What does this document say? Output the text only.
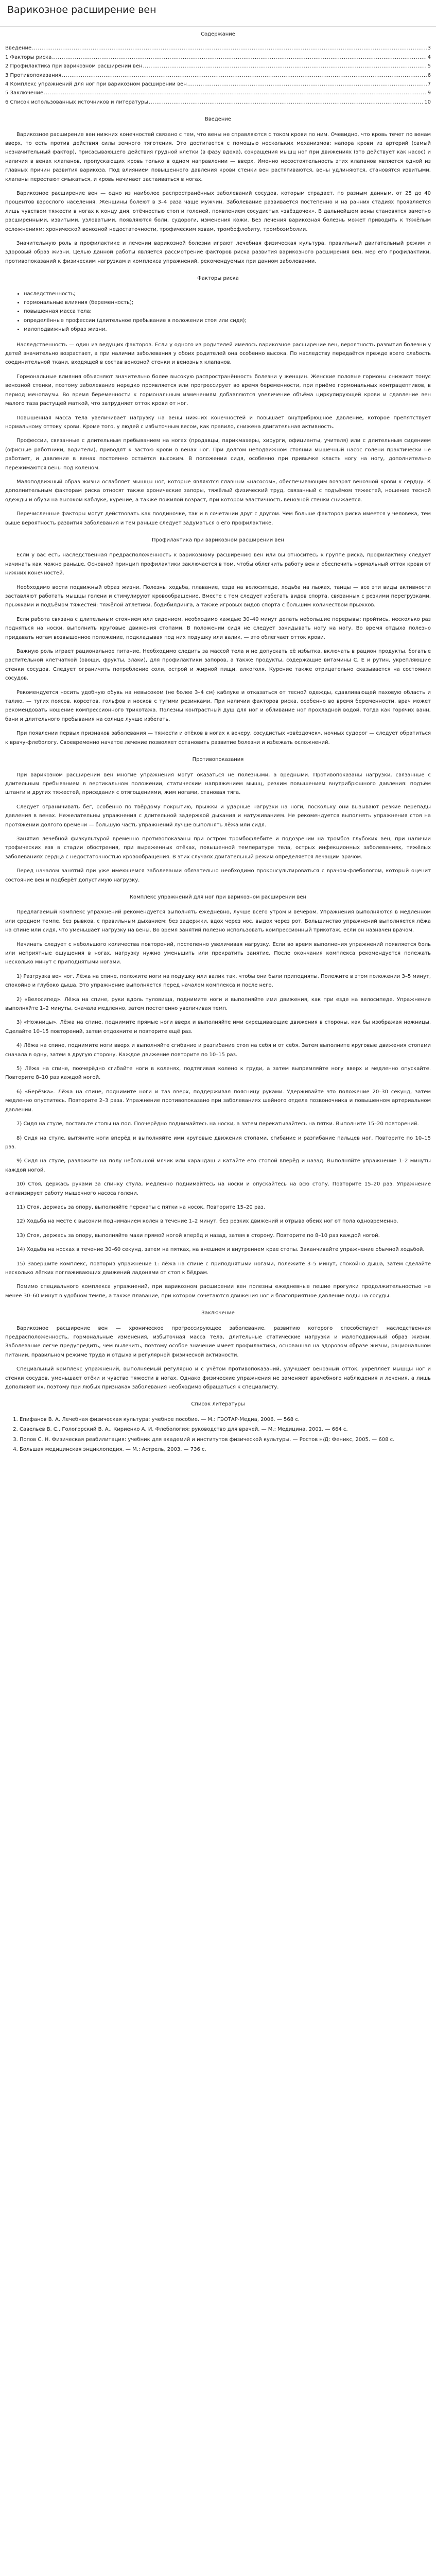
Варикозное расширение вен

Содержание

Введение .....	3
1 Факторы риска .....	4
2 Профилактика при варикозном расширении вен .....	5
3 Противопоказания .....	6
4 Комплекс упражнений для ног при варикозном расширении вен .....	7
5 Заключение .....	9
6 Список использованных источников и литературы .....	10
Введение

Варикозное расширение вен нижних конечностей связано с тем, что вены не справляются с током крови по ним. Очевидно, что кровь течет по венам вверх, то есть против действия силы земного тяготения. Это достигается с помощью нескольких механизмов: напора крови из артерий (самый незначительный фактор), присасывающего действия грудной клетки (в фазу вдоха), сокращения мышц ног при движениях (это действует как насос) и наличия в венах клапанов, пропускающих кровь только в одном направлении — вверх. Именно несостоятельность этих клапанов является одной из главных причин развития варикоза. Под влиянием повышенного давления крови стенки вен растягиваются, вены удлиняются, становятся извитыми, клапаны перестают смыкаться, и кровь начинает застаиваться в ногах.

Варикозное расширение вен — одно из наиболее распространённых заболеваний сосудов, которым страдает, по разным данным, от 25 до 40 процентов взрослого населения. Женщины болеют в 3–4 раза чаще мужчин. Заболевание развивается постепенно и на ранних стадиях проявляется лишь чувством тяжести в ногах к концу дня, отёчностью стоп и голеней, появлением сосудистых «звёздочек». В дальнейшем вены становятся заметно расширенными, извитыми, узловатыми, появляются боли, судороги, изменения кожи. Без лечения варикозная болезнь может приводить к тяжёлым осложнениям: хронической венозной недостаточности, трофическим язвам, тромбофлебиту, тромбоэмболии.

Значительную роль в профилактике и лечении варикозной болезни играют лечебная физическая культура, правильный двигательный режим и здоровый образ жизни. Целью данной работы является рассмотрение факторов риска развития варикозного расширения вен, мер его профилактики, противопоказаний к физическим нагрузкам и комплекса упражнений, рекомендуемых при данном заболевании.

Факторы риска
• наследственность;
• гормональные влияния (беременность);
• повышенная масса тела;
• определённые профессии (длительное пребывание в положении стоя или сидя);
• малоподвижный образ жизни.

Наследственность — один из ведущих факторов. Если у одного из родителей имелось варикозное расширение вен, вероятность развития болезни у детей значительно возрастает, а при наличии заболевания у обоих родителей она особенно высока. По наследству передаётся прежде всего слабость соединительной ткани, входящей в состав венозной стенки и венозных клапанов.

Гормональные влияния объясняют значительно более высокую распространённость болезни у женщин. Женские половые гормоны снижают тонус венозной стенки, поэтому заболевание нередко проявляется или прогрессирует во время беременности, при приёме гормональных контрацептивов, в период менопаузы. Во время беременности к гормональным изменениям добавляются увеличение объёма циркулирующей крови и сдавление вен малого таза растущей маткой, что затрудняет отток крови от ног.

Повышенная масса тела увеличивает нагрузку на вены нижних конечностей и повышает внутрибрюшное давление, которое препятствует нормальному оттоку крови. Кроме того, у людей с избыточным весом, как правило, снижена двигательная активность.

Профессии, связанные с длительным пребыванием на ногах (продавцы, парикмахеры, хирурги, официанты, учителя) или с длительным сидением (офисные работники, водители), приводят к застою крови в венах ног. При долгом неподвижном стоянии мышечный насос голени практически не работает, и давление в венах постоянно остаётся высоким. В положении сидя, особенно при привычке класть ногу на ногу, дополнительно пережимаются вены под коленом.

Малоподвижный образ жизни ослабляет мышцы ног, которые являются главным «насосом», обеспечивающим возврат венозной крови к сердцу. К дополнительным факторам риска относят также хронические запоры, тяжёлый физический труд, связанный с подъёмом тяжестей, ношение тесной одежды и обуви на высоком каблуке, курение, а также пожилой возраст, при котором эластичность венозной стенки снижается.

Перечисленные факторы могут действовать как поодиночке, так и в сочетании друг с другом. Чем больше факторов риска имеется у человека, тем выше вероятность развития заболевания и тем раньше следует задуматься о его профилактике.

Профилактика при варикозном расширении вен

Если у вас есть наследственная предрасположенность к варикозному расширению вен или вы относитесь к группе риска, профилактику следует начинать как можно раньше. Основной принцип профилактики заключается в том, чтобы облегчить работу вен и обеспечить нормальный отток крови от нижних конечностей.

Необходимо вести подвижный образ жизни. Полезны ходьба, плавание, езда на велосипеде, ходьба на лыжах, танцы — все эти виды активности заставляют работать мышцы голени и стимулируют кровообращение. Вместе с тем следует избегать видов спорта, связанных с резкими перегрузками, прыжками и подъёмом тяжестей: тяжёлой атлетики, бодибилдинга, а также игровых видов спорта с большим количеством прыжков.

Если работа связана с длительным стоянием или сидением, необходимо каждые 30–40 минут делать небольшие перерывы: пройтись, несколько раз подняться на носки, выполнить круговые движения стопами. В положении сидя не следует закидывать ногу на ногу. Во время отдыха полезно придавать ногам возвышенное положение, подкладывая под них подушку или валик, — это облегчает отток крови.

Важную роль играет рациональное питание. Необходимо следить за массой тела и не допускать её избытка, включать в рацион продукты, богатые растительной клетчаткой (овощи, фрукты, злаки), для профилактики запоров, а также продукты, содержащие витамины С, Е и рутин, укрепляющие стенки сосудов. Следует ограничить потребление соли, острой и жирной пищи, алкоголя. Курение также отрицательно сказывается на состоянии сосудов.

Рекомендуется носить удобную обувь на невысоком (не более 3–4 см) каблуке и отказаться от тесной одежды, сдавливающей паховую область и талию, — тугих поясов, корсетов, гольфов и носков с тугими резинками. При наличии факторов риска, особенно во время беременности, врач может рекомендовать ношение компрессионного трикотажа. Полезны контрастный душ для ног и обливание ног прохладной водой, тогда как горячих ванн, бани и длительного пребывания на солнце лучше избегать.

При появлении первых признаков заболевания — тяжести и отёков в ногах к вечеру, сосудистых «звёздочек», ночных судорог — следует обратиться к врачу-флебологу. Своевременно начатое лечение позволяет остановить развитие болезни и избежать осложнений.

Противопоказания

При варикозном расширении вен многие упражнения могут оказаться не полезными, а вредными. Противопоказаны нагрузки, связанные с длительным пребыванием в вертикальном положении, статическим напряжением мышц, резким повышением внутрибрюшного давления: подъём штанги и других тяжестей, приседания с отягощениями, жим ногами, становая тяга.

Следует ограничивать бег, особенно по твёрдому покрытию, прыжки и ударные нагрузки на ноги, поскольку они вызывают резкие перепады давления в венах. Нежелательны упражнения с длительной задержкой дыхания и натуживанием. Не рекомендуется выполнять упражнения стоя на протяжении долгого времени — большую часть упражнений лучше выполнять лёжа или сидя.

Занятия лечебной физкультурой временно противопоказаны при остром тромбофлебите и подозрении на тромбоз глубоких вен, при наличии трофических язв в стадии обострения, при выраженных отёках, повышенной температуре тела, острых инфекционных заболеваниях, тяжёлых заболеваниях сердца с недостаточностью кровообращения. В этих случаях двигательный режим определяется лечащим врачом.

Перед началом занятий при уже имеющемся заболевании обязательно необходимо проконсультироваться с врачом-флебологом, который оценит состояние вен и подберёт допустимую нагрузку.

Комплекс упражнений для ног при варикозном расширении вен

Предлагаемый комплекс упражнений рекомендуется выполнять ежедневно, лучше всего утром и вечером. Упражнения выполняются в медленном или среднем темпе, без рывков, с правильным дыханием: без задержки, вдох через нос, выдох через рот. Большинство упражнений выполняется лёжа на спине или сидя, что уменьшает нагрузку на вены. Во время занятий полезно использовать компрессионный трикотаж, если он назначен врачом.

Начинать следует с небольшого количества повторений, постепенно увеличивая нагрузку. Если во время выполнения упражнений появляется боль или неприятные ощущения в ногах, нагрузку нужно уменьшить или прекратить занятие. После окончания комплекса рекомендуется полежать несколько минут с приподнятыми ногами.

1) Разгрузка вен ног. Лёжа на спине, положите ноги на подушку или валик так, чтобы они были приподняты. Полежите в этом положении 3–5 минут, спокойно и глубоко дыша. Это упражнение выполняется перед началом комплекса и после него.

2) «Велосипед». Лёжа на спине, руки вдоль туловища, поднимите ноги и выполняйте ими движения, как при езде на велосипеде. Упражнение выполняйте 1–2 минуты, сначала медленно, затем постепенно увеличивая темп.

3) «Ножницы». Лёжа на спине, поднимите прямые ноги вверх и выполняйте ими скрещивающие движения в стороны, как бы изображая ножницы. Сделайте 10–15 повторений, затем отдохните и повторите ещё раз.

4) Лёжа на спине, поднимите ноги вверх и выполняйте сгибание и разгибание стоп на себя и от себя. Затем выполните круговые движения стопами сначала в одну, затем в другую сторону. Каждое движение повторите по 10–15 раз.

5) Лёжа на спине, поочерёдно сгибайте ноги в коленях, подтягивая колено к груди, а затем выпрямляйте ногу вверх и медленно опускайте. Повторите 8–10 раз каждой ногой.

6) «Берёзка». Лёжа на спине, поднимите ноги и таз вверх, поддерживая поясницу руками. Удерживайте это положение 20–30 секунд, затем медленно опуститесь. Повторите 2–3 раза. Упражнение противопоказано при заболеваниях шейного отдела позвоночника и повышенном артериальном давлении.

7) Сидя на стуле, поставьте стопы на пол. Поочерёдно поднимайтесь на носки, а затем перекатывайтесь на пятки. Выполните 15–20 повторений.

8) Сидя на стуле, вытяните ноги вперёд и выполняйте ими круговые движения стопами, сгибание и разгибание пальцев ног. Повторите по 10–15 раз.

9) Сидя на стуле, разложите на полу небольшой мячик или карандаш и катайте его стопой вперёд и назад. Выполняйте упражнение 1–2 минуты каждой ногой.

10) Стоя, держась руками за спинку стула, медленно поднимайтесь на носки и опускайтесь на всю стопу. Повторите 15–20 раз. Упражнение активизирует работу мышечного насоса голени.

11) Стоя, держась за опору, выполняйте перекаты с пятки на носок. Повторите 15–20 раз.

12) Ходьба на месте с высоким подниманием колен в течение 1–2 минут, без резких движений и отрыва обеих ног от пола одновременно.

13) Стоя, держась за опору, выполняйте махи прямой ногой вперёд и назад, затем в сторону. Повторите по 8–10 раз каждой ногой.

14) Ходьба на носках в течение 30–60 секунд, затем на пятках, на внешнем и внутреннем крае стопы. Заканчивайте упражнение обычной ходьбой.

15) Завершите комплекс, повторив упражнение 1: лёжа на спине с приподнятыми ногами, полежите 3–5 минут, спокойно дыша, затем сделайте несколько лёгких поглаживающих движений ладонями от стоп к бёдрам.

Помимо специального комплекса упражнений, при варикозном расширении вен полезны ежедневные пешие прогулки продолжительностью не менее 30–60 минут в удобном темпе, а также плавание, при котором сочетаются движения ног и благоприятное давление воды на сосуды.

Заключение

Варикозное расширение вен — хроническое прогрессирующее заболевание, развитию которого способствуют наследственная предрасположенность, гормональные изменения, избыточная масса тела, длительные статические нагрузки и малоподвижный образ жизни. Заболевание легче предупредить, чем вылечить, поэтому особое значение имеет профилактика, основанная на здоровом образе жизни, рациональном питании, правильном режиме труда и отдыха и регулярной физической активности.

Специальный комплекс упражнений, выполняемый регулярно и с учётом противопоказаний, улучшает венозный отток, укрепляет мышцы ног и стенки сосудов, уменьшает отёки и чувство тяжести в ногах. Однако физические упражнения не заменяют врачебного наблюдения и лечения, а лишь дополняют их, поэтому при любых признаках заболевания необходимо обращаться к специалисту.

Список литературы
1. Епифанов В. А. Лечебная физическая культура: учебное пособие. — М.: ГЭОТАР-Медиа, 2006. — 568 с.
2. Савельев В. С., Гологорский В. А., Кириенко А. И. Флебология: руководство для врачей. — М.: Медицина, 2001. — 664 с.
3. Попов С. Н. Физическая реабилитация: учебник для академий и институтов физической культуры. — Ростов н/Д: Феникс, 2005. — 608 с.
4. Большая медицинская энциклопедия. — М.: Астрель, 2003. — 736 с.
